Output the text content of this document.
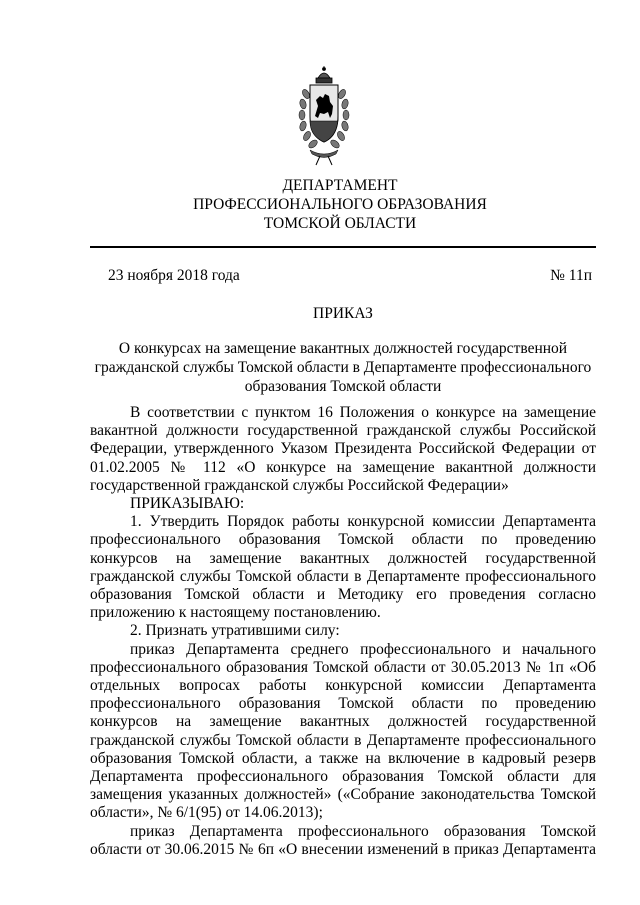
ДЕПАРТАМЕНТ
ПРОФЕССИОНАЛЬНОГО ОБРАЗОВАНИЯ
ТОМСКОЙ ОБЛАСТИ
23 ноября 2018 года	№ 11п
ПРИКАЗ
О конкурсах на замещение вакантных должностей государственной
гражданской службы Томской области в Департаменте профессионального
образования Томской области

В соответствии с пунктом 16 Положения о конкурсе на замещение вакантной должности государственной гражданской службы Российской Федерации, утвержденного Указом Президента Российской Федерации от 01.02.2005 № 112 «О конкурсе на замещение вакантной должности государственной гражданской службы Российской Федерации»

ПРИКАЗЫВАЮ:

1. Утвердить Порядок работы конкурсной комиссии Департамента профессионального образования Томской области по проведению конкурсов на замещение вакантных должностей государственной гражданской службы Томской области в Департаменте профессионального образования Томской области и Методику его проведения согласно приложению к настоящему постановлению.

2. Признать утратившими силу:

приказ Департамента среднего профессионального и начального профессионального образования Томской области от 30.05.2013 № 1п «Об отдельных вопросах работы конкурсной комиссии Департамента профессионального образования Томской области по проведению конкурсов на замещение вакантных должностей государственной гражданской службы Томской области в Департаменте профессионального образования Томской области, а также на включение в кадровый резерв Департамента профессионального образования Томской области для замещения указанных должностей» («Собрание законодательства Томской области», № 6/1(95) от 14.06.2013);

приказ Департамента профессионального образования Томской области от 30.06.2015 № 6п «О внесении изменений в приказ Департамента
